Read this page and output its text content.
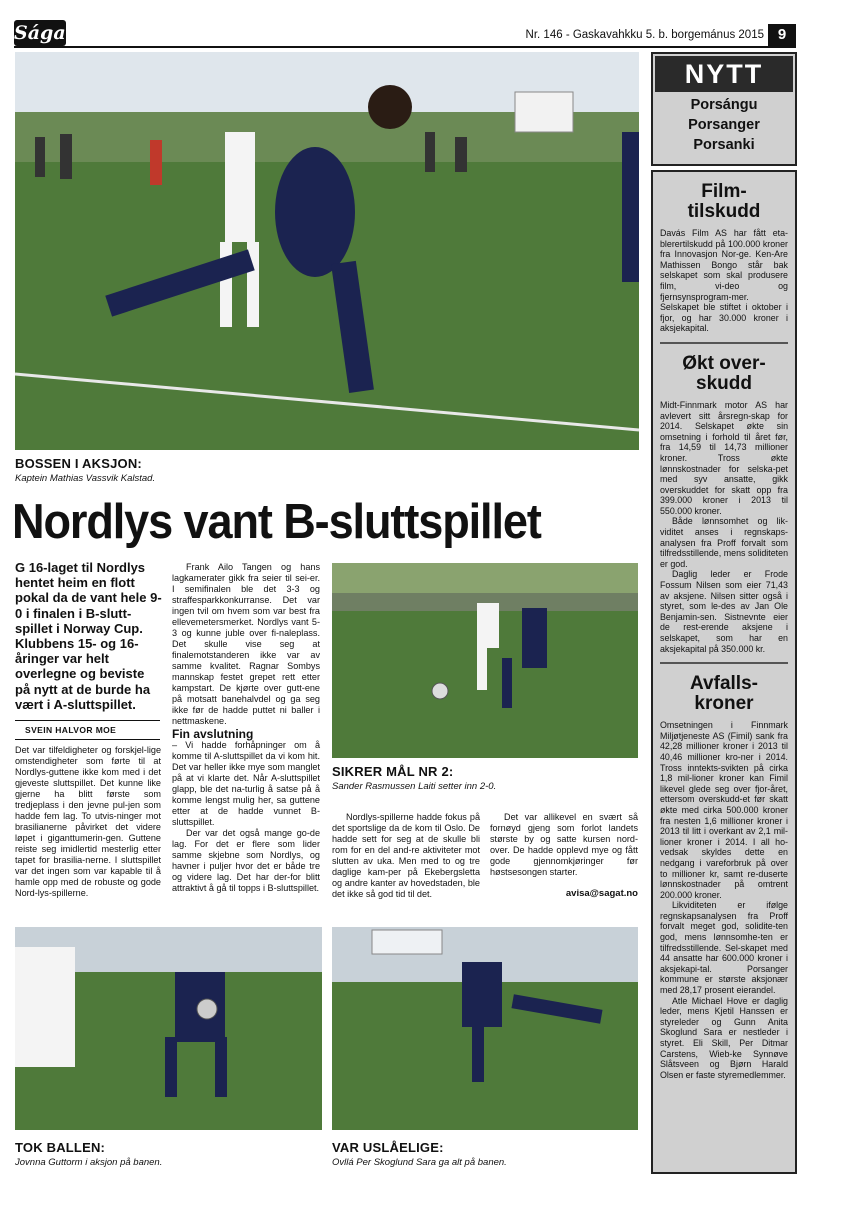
Ságat	Nr. 146 - Gaskavahkku 5. b. borgemánus 2015 9
BOSSEN I AKSJON:
Kaptein Mathias Vassvik Kalstad.
Nordlys vant B-sluttspillet
G 16-laget til Nordlys hentet heim en flott pokal da de vant hele 9-0 i finalen i B-slutt-spillet i Norway Cup. Klubbens 15- og 16-åringer var helt overlegne og beviste på nytt at de burde ha vært i A-sluttspillet.
SVEIN HALVOR MOE

Det var tilfeldigheter og forskjel-lige omstendigheter som førte til at Nordlys-guttene ikke kom med i det gjeveste sluttspillet. Det kunne like gjerne ha blitt første som tredjeplass i den jevne pul-jen som hadde fem lag. To utvis-ninger mot brasilianerne påvirket det videre løpet i giganttumerin-gen. Guttene reiste seg imidlertid mesterlig etter tapet for brasilia-nerne. I sluttspillet var det ingen som var kapable til å hamle opp med de robuste og gode Nord-lys-spillerne.

Frank Ailo Tangen og hans lagkamerater gikk fra seier til sei-er. I semifinalen ble det 3-3 og straffesparkkonkurranse. Det var ingen tvil om hvem som var best fra ellevemetersmerket. Nordlys vant 5-3 og kunne juble over fi-naleplass. Det skulle vise seg at finalemotstanderen ikke var av samme kvalitet. Ragnar Sombys mannskap festet grepet rett etter kampstart. De kjørte over gutt-ene på motsatt banehalvdel og ga seg ikke før de hadde puttet ni baller i nettmaskene.

Fin avslutning

– Vi hadde forhåpninger om å komme til A-sluttspillet da vi kom hit. Det var heller ikke mye som manglet på at vi klarte det. Når A-sluttspillet glapp, ble det na-turlig å satse på å komme lengst mulig her, sa guttene etter at de hadde vunnet B-sluttspillet.

Der var det også mange go-de lag. For det er flere som lider samme skjebne som Nordlys, og havner i puljer hvor det er både tre og videre lag. Det har der-for blitt attraktivt å gå til topps i B-sluttspillet.

SIKRER MÅL NR 2:
Sander Rasmussen Laiti setter inn 2-0.

Nordlys-spillerne hadde fokus på det sportslige da de kom til Oslo. De hadde sett for seg at de skulle bli rom for en del and-re aktiviteter mot slutten av uka. Men med to og tre daglige kam-per på Ekebergsletta og andre kanter av hovedstaden, ble det ikke så god tid til det.

Det var allikevel en svært så fornøyd gjeng som forlot landets største by og satte kursen nord-over. De hadde opplevd mye og fått gode gjennomkjøringer før høstsesongen starter.

avisa@sagat.no
TOK BALLEN:
Jovnna Guttorm i aksjon på banen.
VAR USLÅELIGE:
Ovllá Per Skoglund Sara ga alt på banen.
NYTT
Porsángu
Porsanger
Porsanki
Film-
tilskudd
Davás Film AS har fått eta-blerertilskudd på 100.000 kroner fra Innovasjon Nor-ge. Ken-Are Mathissen Bongo står bak selskapet som skal produsere film, vi-deo og fjernsynsprogram-mer. Selskapet ble stiftet i oktober i fjor, og har 30.000 kroner i aksjekapital.
Økt over-
skudd

Midt-Finnmark motor AS har avlevert sitt årsregn-skap for 2014. Selskapet økte sin omsetning i forhold til året før, fra 14,59 til 14,73 millioner kroner. Tross økte lønnskostnader for selska-pet med syv ansatte, gikk overskuddet for skatt opp fra 399.000 kroner i 2013 til 550.000 kroner.

Både lønnsomhet og lik-viditet anses i regnskaps-analysen fra Proff forvalt som tilfredsstillende, mens soliditeten er god.

Daglig leder er Frode Fossum Nilsen som eier 71,43 av aksjene. Nilsen sitter også i styret, som le-des av Jan Ole Benjamin-sen. Sistnevnte eier de rest-erende aksjene i selskapet, som har en aksjekapital på 350.000 kr.

Avfalls-
kroner

Omsetningen i Finnmark Miljøtjeneste AS (Fimil) sank fra 42,28 millioner kroner i 2013 til 40,46 millioner kro-ner i 2014. Tross inntekts-svikten på cirka 1,8 mil-lioner kroner kan Fimil likevel glede seg over fjor-året, ettersom overskudd-et før skatt økte med cirka 500.000 kroner fra nesten 1,6 millioner kroner i 2013 til litt i overkant av 2,1 mil-lioner kroner i 2014. I all ho-vedsak skyldes dette en nedgang i vareforbruk på over to millioner kr, samt re-duserte lønnskostnader på omtrent 200.000 kroner.

Likviditeten er ifølge regnskapsanalysen fra Proff forvalt meget god, solidite-ten god, mens lønnsomhe-ten er tilfredsstillende. Sel-skapet med 44 ansatte har 600.000 kroner i aksjekapi-tal. Porsanger kommune er største aksjonær med 28,17 prosent eierandel.

Atle Michael Hove er daglig leder, mens Kjetil Hanssen er styreleder og Gunn Anita Skoglund Sara er nestleder i styret. Eli Skill, Per Ditmar Carstens, Wieb-ke Synnøve Slåtsveen og Bjørn Harald Olsen er faste styremedlemmer.
